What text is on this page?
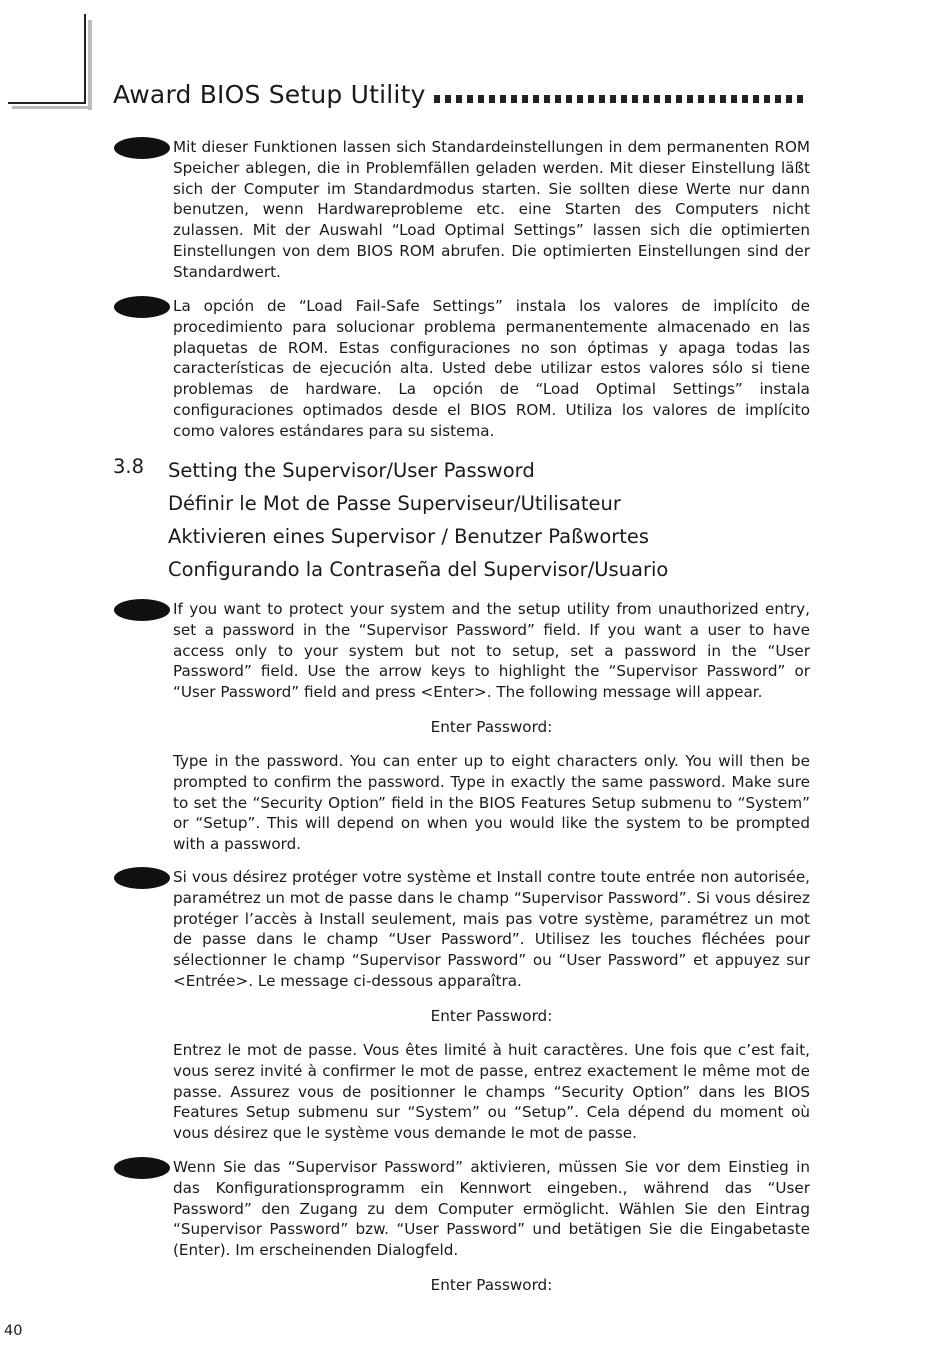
Award BIOS Setup Utility
Mit dieser Funktionen lassen sich Standardeinstellungen in dem permanenten ROM Speicher ablegen, die in Problemfällen geladen werden. Mit dieser Einstellung läßt sich der Computer im Standardmodus starten. Sie sollten diese Werte nur dann benutzen, wenn Hardwareprobleme etc. eine Starten des Computers nicht zulassen. Mit der Auswahl “Load Optimal Settings” lassen sich die optimierten Einstellungen von dem BIOS ROM abrufen. Die optimierten Einstellungen sind der Standardwert.
La opción de “Load Fail-Safe Settings” instala los valores de implícito de procedimiento para solucionar problema permanentemente almacenado en las plaquetas de ROM. Estas configuraciones no son óptimas y apaga todas las características de ejecución alta. Usted debe utilizar estos valores sólo si tiene problemas de hardware. La opción de “Load Optimal Settings” instala configuraciones optimados desde el BIOS ROM. Utiliza los valores de implícito como valores estándares para su sistema.
3.8 Setting the Supervisor/User Password
Définir le Mot de Passe Superviseur/Utilisateur
Aktivieren eines Supervisor / Benutzer Paßwortes
Configurando la Contraseña del Supervisor/Usuario
If you want to protect your system and the setup utility from unauthorized entry, set a password in the “Supervisor Password” field. If you want a user to have access only to your system but not to setup, set a password in the “User Password” field. Use the arrow keys to highlight the “Supervisor Password” or “User Password” field and press <Enter>. The following message will appear.
Enter Password:
Type in the password. You can enter up to eight characters only. You will then be prompted to confirm the password. Type in exactly the same password. Make sure to set the “Security Option” field in the BIOS Features Setup submenu to “System” or “Setup”. This will depend on when you would like the system to be prompted with a password.
Si vous désirez protéger votre système et Install contre toute entrée non autorisée, paramétrez un mot de passe dans le champ “Supervisor Password”. Si vous désirez protéger l’accès à Install seulement, mais pas votre système, paramétrez un mot de passe dans le champ “User Password”. Utilisez les touches fléchées pour sélectionner le champ “Supervisor Password” ou “User Password” et appuyez sur <Entrée>. Le message ci-dessous apparaîtra.
Enter Password:
Entrez le mot de passe. Vous êtes limité à huit caractères. Une fois que c’est fait, vous serez invité à confirmer le mot de passe, entrez exactement le même mot de passe. Assurez vous de positionner le champs “Security Option” dans les BIOS Features Setup submenu sur “System” ou “Setup”. Cela dépend du moment où vous désirez que le système vous demande le mot de passe.
Wenn Sie das “Supervisor Password” aktivieren, müssen Sie vor dem Einstieg in das Konfigurationsprogramm ein Kennwort eingeben., während das “User Password” den Zugang zu dem Computer ermöglicht. Wählen Sie den Eintrag “Supervisor Password” bzw. “User Password” und betätigen Sie die Eingabetaste (Enter). Im erscheinenden Dialogfeld.
Enter Password:
40
